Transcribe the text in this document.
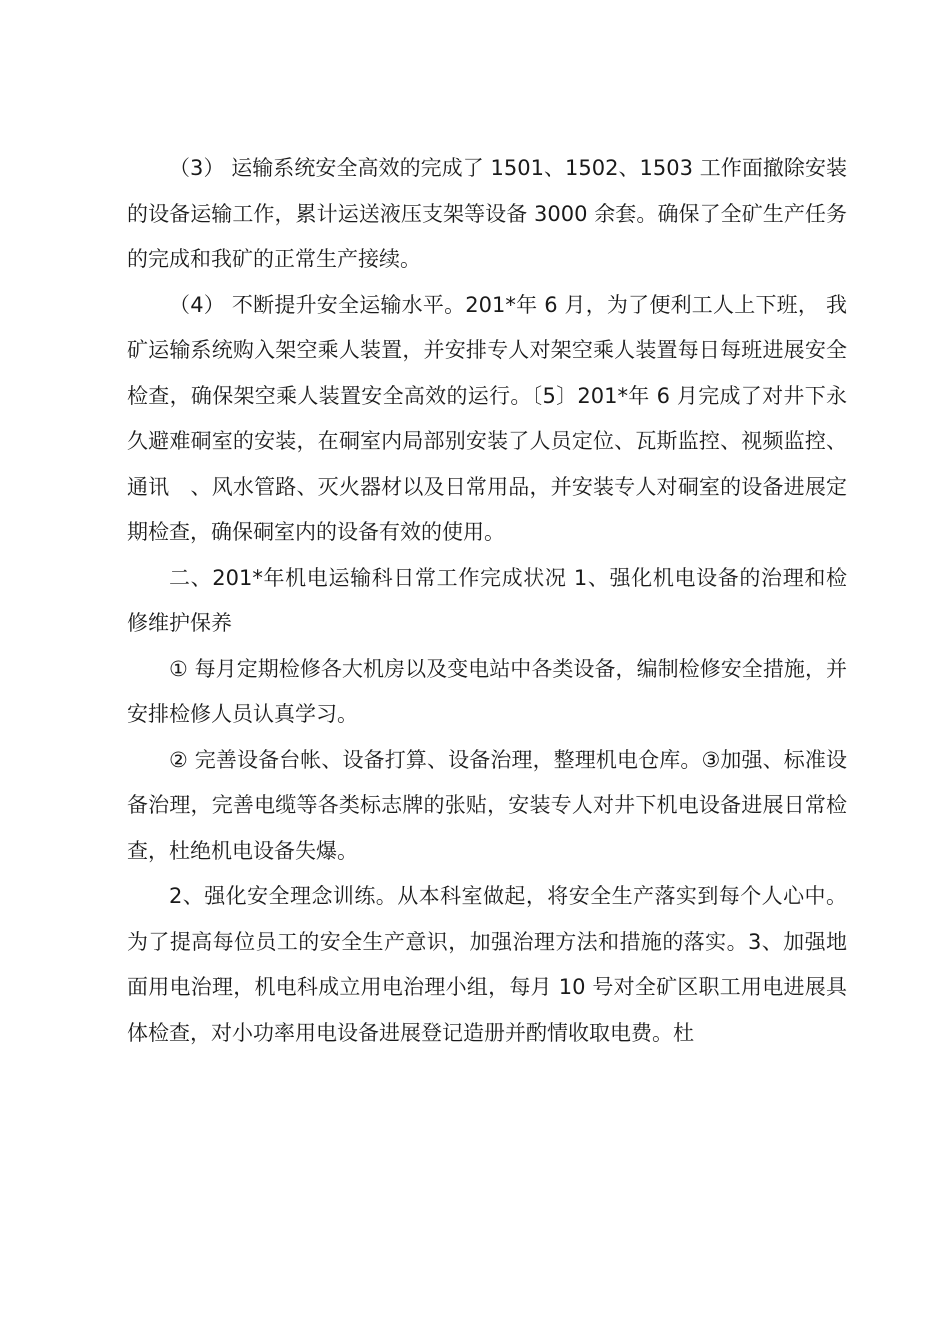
（3） 运输系统安全高效的完成了 1501、1502、1503 工作面撤除安装的设备运输工作，累计运送液压支架等设备 3000 余套。确保了全矿生产任务的完成和我矿的正常生产接续。

（4） 不断提升安全运输水平。201*年 6 月，为了便利工人上下班， 我矿运输系统购入架空乘人装置，并安排专人对架空乘人装置每日每班进展安全检查，确保架空乘人装置安全高效的运行。〔5〕201*年 6 月完成了对井下永久避难硐室的安装，在硐室内局部别安装了人员定位、瓦斯监控、视频监控、通讯　、风水管路、灭火器材以及日常用品，并安装专人对硐室的设备进展定期检查，确保硐室内的设备有效的使用。

二、201*年机电运输科日常工作完成状况 1、强化机电设备的治理和检修维护保养

① 每月定期检修各大机房以及变电站中各类设备，编制检修安全措施，并安排检修人员认真学习。

② 完善设备台帐、设备打算、设备治理，整理机电仓库。③加强、标准设备治理，完善电缆等各类标志牌的张贴，安装专人对井下机电设备进展日常检查，杜绝机电设备失爆。

2、强化安全理念训练。从本科室做起，将安全生产落实到每个人心中。为了提高每位员工的安全生产意识，加强治理方法和措施的落实。3、加强地面用电治理，机电科成立用电治理小组，每月 10 号对全矿区职工用电进展具体检查，对小功率用电设备进展登记造册并酌情收取电费。杜
